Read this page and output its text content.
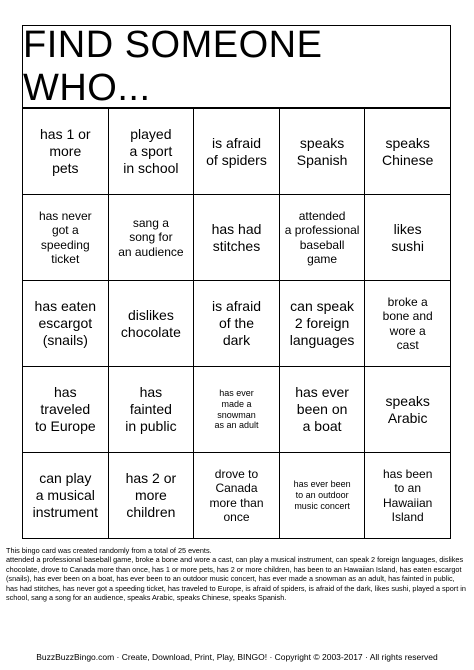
FIND SOMEONE WHO...
has 1 or
more
pets
played
a sport
in school
is afraid
of spiders
speaks
Spanish
speaks
Chinese
has never
got a
speeding
ticket
sang a
song for
an audience
has had
stitches
attended
a professional
baseball
game
likes
sushi
has eaten
escargot
(snails)
dislikes
chocolate
is afraid
of the
dark
can speak
2 foreign
languages
broke a
bone and
wore a
cast
has
traveled
to Europe
has
fainted
in public
has ever
made a
snowman
as an adult
has ever
been on
a boat
speaks
Arabic
can play
a musical
instrument
has 2 or
more
children
drove to
Canada
more than
once
has ever been
to an outdoor
music concert
has been
to an
Hawaiian
Island
This bingo card was created randomly from a total of 25 events.
attended a professional baseball game, broke a bone and wore a cast, can play a musical instrument, can speak 2 foreign languages, dislikes chocolate, drove to Canada more than once, has 1 or more pets, has 2 or more children, has been to an Hawaiian Island, has eaten escargot (snails), has ever been on a boat, has ever been to an outdoor music concert, has ever made a snowman as an adult, has fainted in public, has had stitches, has never got a speeding ticket, has traveled to Europe, is afraid of spiders, is afraid of the dark, likes sushi, played a sport in school, sang a song for an audience, speaks Arabic, speaks Chinese, speaks Spanish.
BuzzBuzzBingo.com · Create, Download, Print, Play, BINGO! · Copyright © 2003-2017 · All rights reserved
